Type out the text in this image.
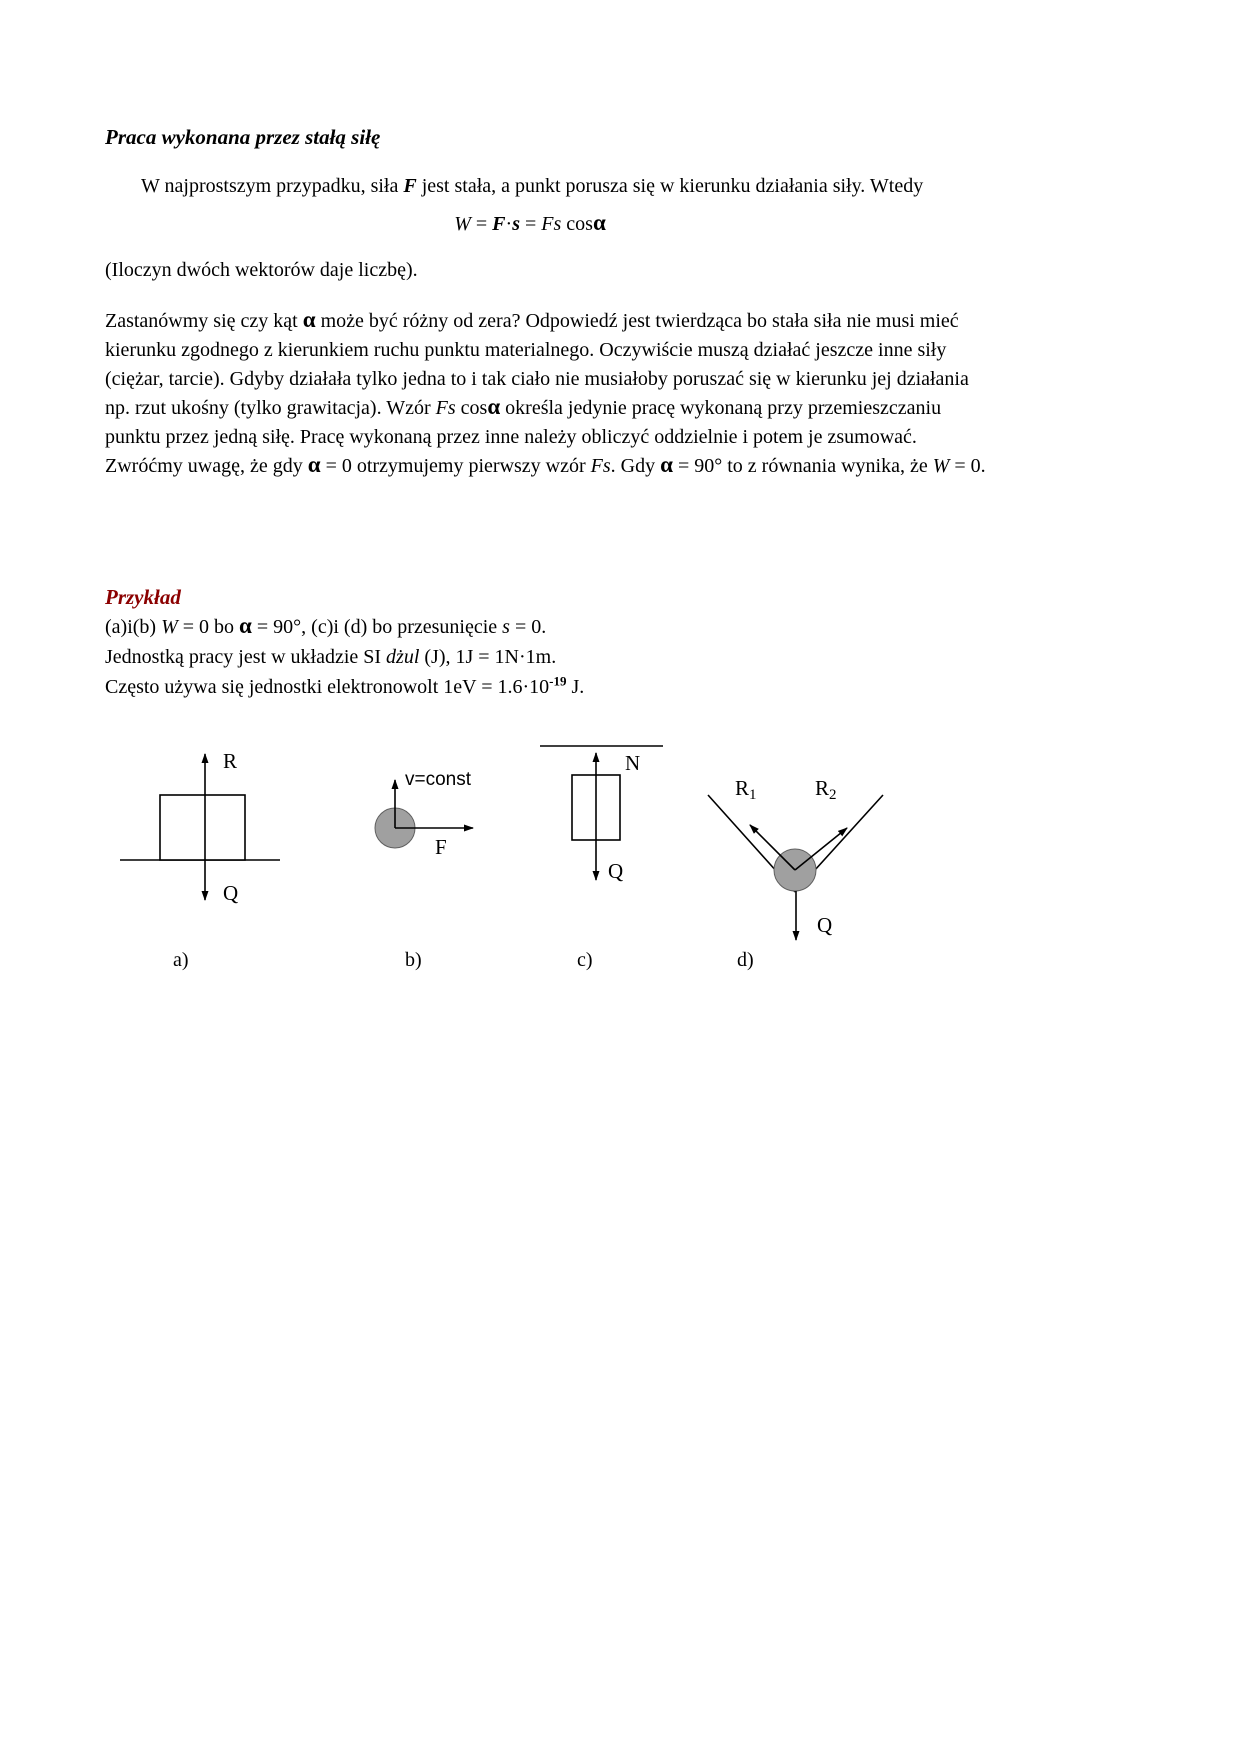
Praca wykonana przez stałą siłę

W najprostszym przypadku, siła F jest stała, a punkt porusza się w kierunku działania siły. Wtedy

W = F·s = Fs cosα

(Iloczyn dwóch wektorów daje liczbę).

Zastanówmy się czy kąt α może być różny od zera? Odpowiedź jest twierdząca bo stała siła nie musi mieć kierunku zgodnego z kierunkiem ruchu punktu materialnego. Oczywiście muszą działać jeszcze inne siły (ciężar, tarcie). Gdyby działała tylko jedna to i tak ciało nie musiałoby poruszać się w kierunku jej działania np. rzut ukośny (tylko grawitacja). Wzór Fs cosα określa jedynie pracę wykonaną przy przemieszczaniu punktu przez jedną siłę. Pracę wykonaną przez inne należy obliczyć oddzielnie i potem je zsumować. Zwróćmy uwagę, że gdy α = 0 otrzymujemy pierwszy wzór Fs. Gdy α = 90° to z równania wynika, że W = 0.

Przykład

(a)i(b) W = 0 bo α = 90°, (c)i (d) bo przesunięcie s = 0.

Jednostką pracy jest w układzie SI dżul (J), 1J = 1N·1m.

Często używa się jednostki elektronowolt $1eV = 1.6\cdot 10^{-19}$ J.

R
Q
v=const
F
N
Q
R1	R2
Q
a)	b)	c)	d)
